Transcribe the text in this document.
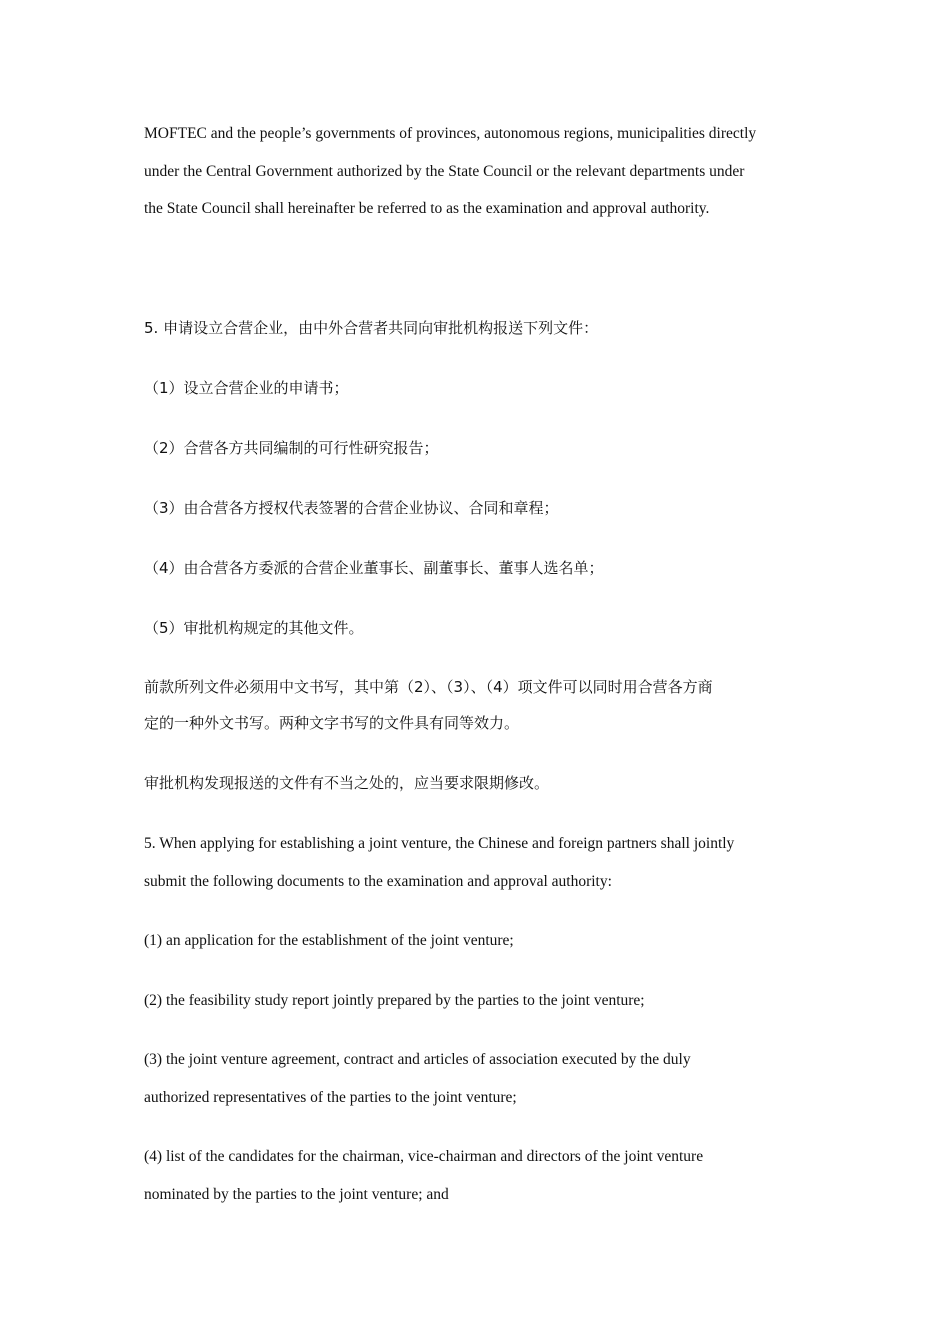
MOFTEC and the people’s governments of provinces, autonomous regions, municipalities directly
under the Central Government authorized by the State Council or the relevant departments under
the State Council shall hereinafter be referred to as the examination and approval authority.
5. 申请设立合营企业，由中外合营者共同向审批机构报送下列文件：
（1）设立合营企业的申请书；
（2）合营各方共同编制的可行性研究报告；
（3）由合营各方授权代表签署的合营企业协议、合同和章程；
（4）由合营各方委派的合营企业董事长、副董事长、董事人选名单；
（5）审批机构规定的其他文件。
前款所列文件必须用中文书写，其中第（2）、（3）、（4）项文件可以同时用合营各方商
定的一种外文书写。两种文字书写的文件具有同等效力。
审批机构发现报送的文件有不当之处的，应当要求限期修改。
5. When applying for establishing a joint venture, the Chinese and foreign partners shall jointly
submit the following documents to the examination and approval authority:
(1) an application for the establishment of the joint venture;
(2) the feasibility study report jointly prepared by the parties to the joint venture;
(3) the joint venture agreement, contract and articles of association executed by the duly
authorized representatives of the parties to the joint venture;
(4) list of the candidates for the chairman, vice-chairman and directors of the joint venture
nominated by the parties to the joint venture; and
